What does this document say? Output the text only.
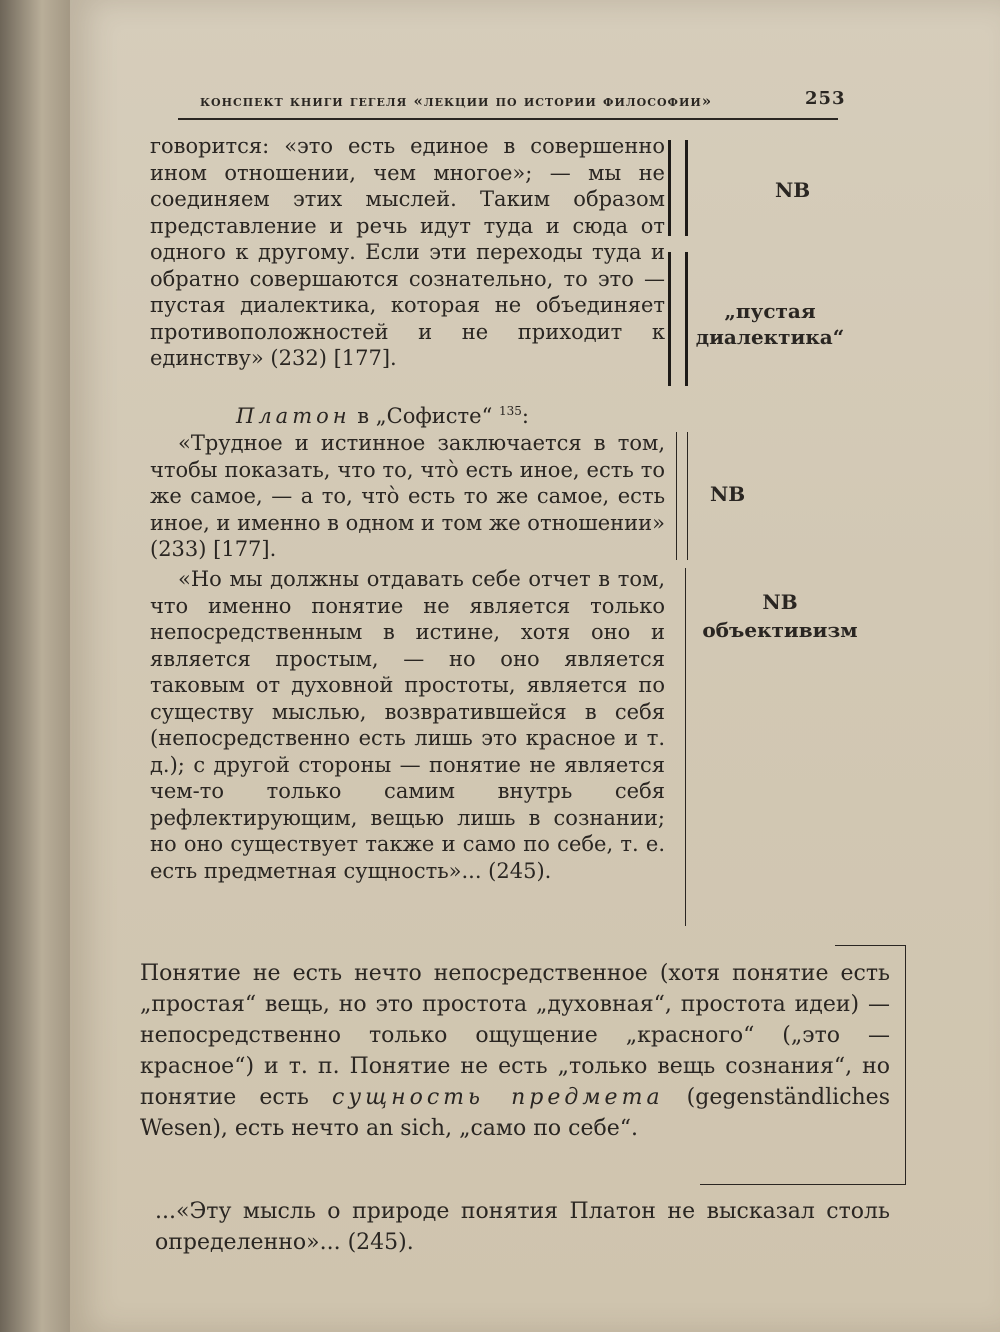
конспект книги гегеля «лекции по истории философии»	253

говорится: «это есть единое в совершенно ином отношении, чем многое»; — мы не соединяем этих мыслей. Таким образом представление и речь идут туда и сюда от одного к другому. Если эти переходы туда и обратно совершаются сознательно, то это — пустая диалектика, которая не объединяет противоположностей и не приходит к единству» (232) [177].

NB
„пустая
диалектика“

Платон в „Софисте“ $^{135}$:

«Трудное и истинное заключается в том, чтобы показать, что то, что̀ есть иное, есть то же самое, — а то, что̀ есть то же самое, есть иное, и именно в одном и том же отношении» (233) [177].

NB

«Но мы должны отдавать себе отчет в том, что именно понятие не является только непосредственным в истине, хотя оно и является простым, — но оно является таковым от духовной простоты, является по существу мыслью, возвратившейся в себя (непосредственно есть лишь это красное и т. д.); с другой стороны — понятие не является чем-то только самим внутрь себя рефлектирующим, вещью лишь в сознании; но оно существует также и само по себе, т. е. есть предметная сущность»... (245).

NB
объективизм

Понятие не есть нечто непосредственное (хотя понятие есть „простая“ вещь, но это простота „духовная“, простота идеи) — непосредственно только ощущение „красного“ („это — красное“) и т. п. Понятие не есть „только вещь сознания“, но понятие есть сущность предмета (gegenständliches Wesen), есть нечто an sich, „само по себе“.

...«Эту мысль о природе понятия Платон не высказал столь определенно»... (245).
